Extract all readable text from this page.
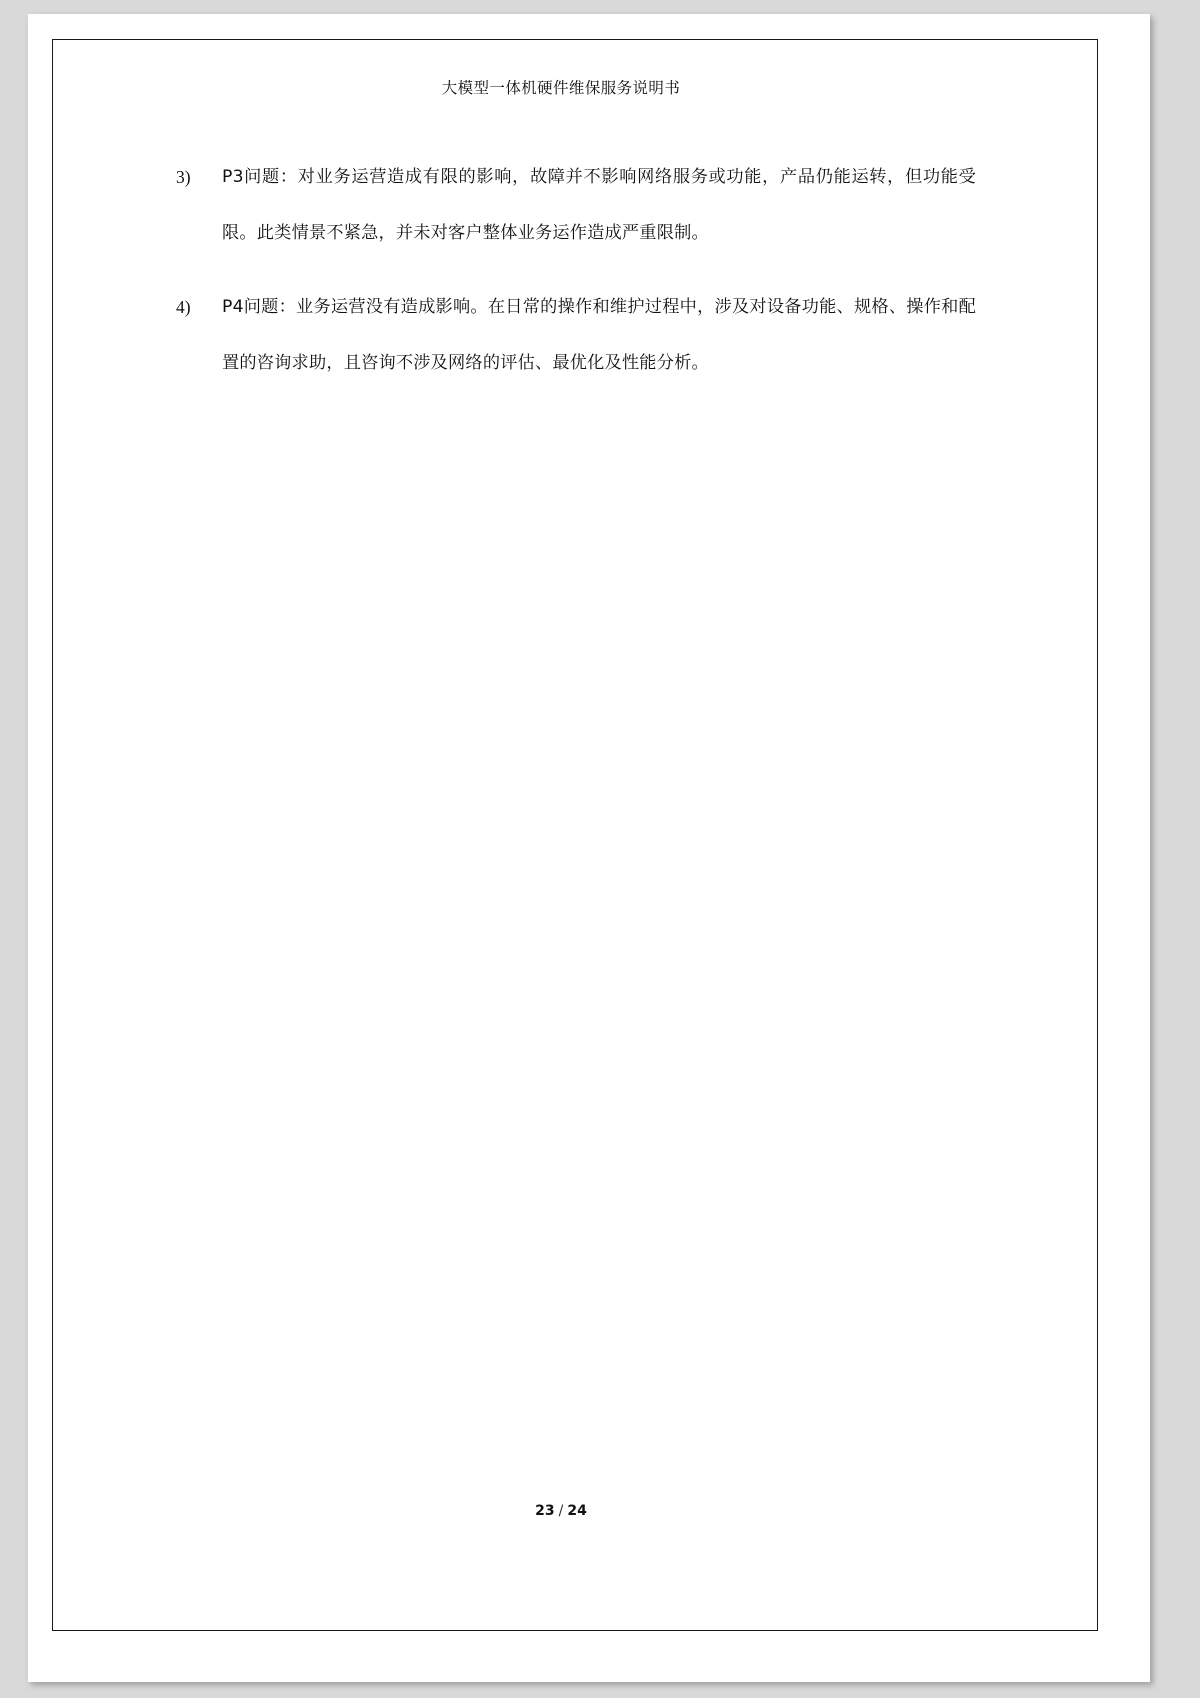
大模型一体机硬件维保服务说明书
3)	P3问题：对业务运营造成有限的影响，故障并不影响网络服务或功能，产品仍能运转，但功能受限。此类情景不紧急，并未对客户整体业务运作造成严重限制。
4)	P4问题：业务运营没有造成影响。在日常的操作和维护过程中，涉及对设备功能、规格、操作和配置的咨询求助，且咨询不涉及网络的评估、最优化及性能分析。
23 / 24
